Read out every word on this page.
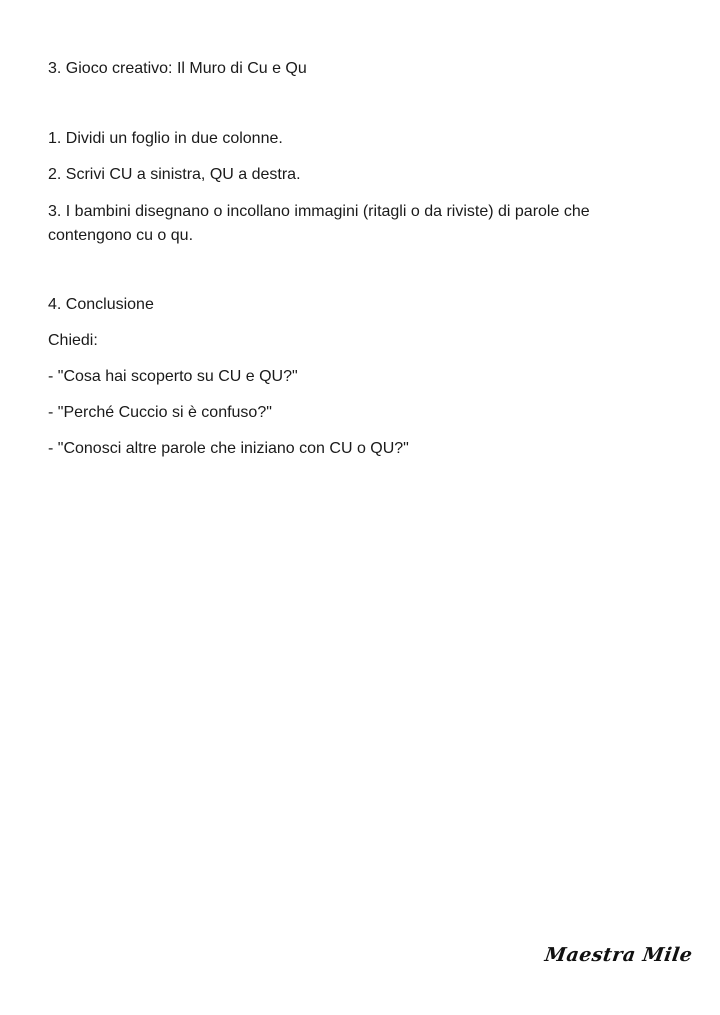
3. Gioco creativo: Il Muro di Cu e Qu

1. Dividi un foglio in due colonne.

2. Scrivi CU a sinistra, QU a destra.

3. I bambini disegnano o incollano immagini (ritagli o da riviste) di parole che contengono cu o qu.

4. Conclusione

Chiedi:

- "Cosa hai scoperto su CU e QU?"

- "Perché Cuccio si è confuso?"

- "Conosci altre parole che iniziano con CU o QU?"

Maestra Mile
